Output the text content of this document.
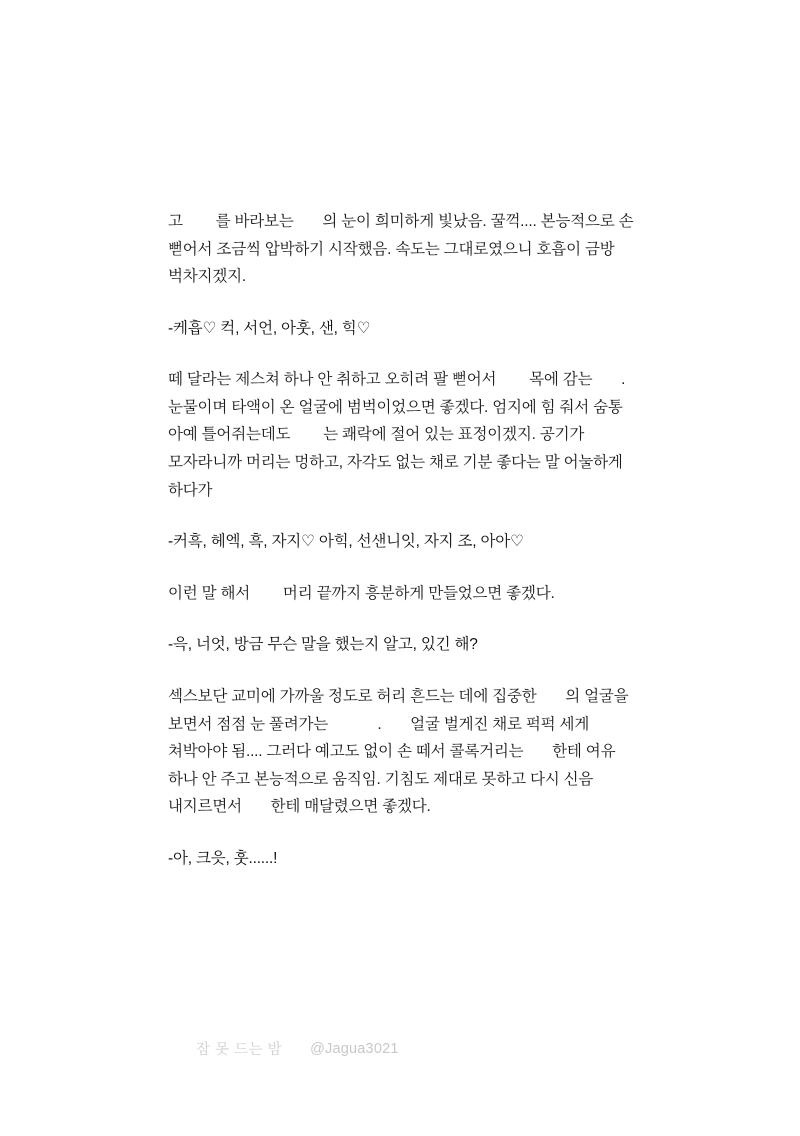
고        를 바라보는       의 눈이 희미하게 빛났음. 꿀꺽.... 본능적으로 손 뻗어서 조금씩 압박하기 시작했음. 속도는 그대로였으니 호흡이 금방 벅차지겠지.

-케흡♡ 컥, 서언, 아훗, 샌, 힉♡

떼 달라는 제스쳐 하나 안 취하고 오히려 팔 뻗어서        목에 감는       . 눈물이며 타액이 온 얼굴에 범벅이었으면 좋겠다. 엄지에 힘 줘서 숨통 아예 틀어쥐는데도        는 쾌락에 절어 있는 표정이겠지. 공기가 모자라니까 머리는 멍하고, 자각도 없는 채로 기분 좋다는 말 어눌하게 하다가

-커흑, 헤엑, 흑, 자지♡ 아힉, 선샌니잇, 자지 조, 아아♡

이런 말 해서        머리 끝까지 흥분하게 만들었으면 좋겠다.

-윽, 너엇, 방금 무슨 말을 했는지 알고, 있긴 해?

섹스보단 교미에 가까울 정도로 허리 흔드는 데에 집중한       의 얼굴을 보면서 점점 눈 풀려가는            .       얼굴 벌게진 채로 퍽퍽 세게 쳐박아야 됨.... 그러다 예고도 없이 손 떼서 콜록거리는       한테 여유 하나 안 주고 본능적으로 움직임. 기침도 제대로 못하고 다시 신음 내지르면서       한테 매달렸으면 좋겠다.

-아, 크읏, 훗......!

잠 못 드는 밤 @Jagua3021
